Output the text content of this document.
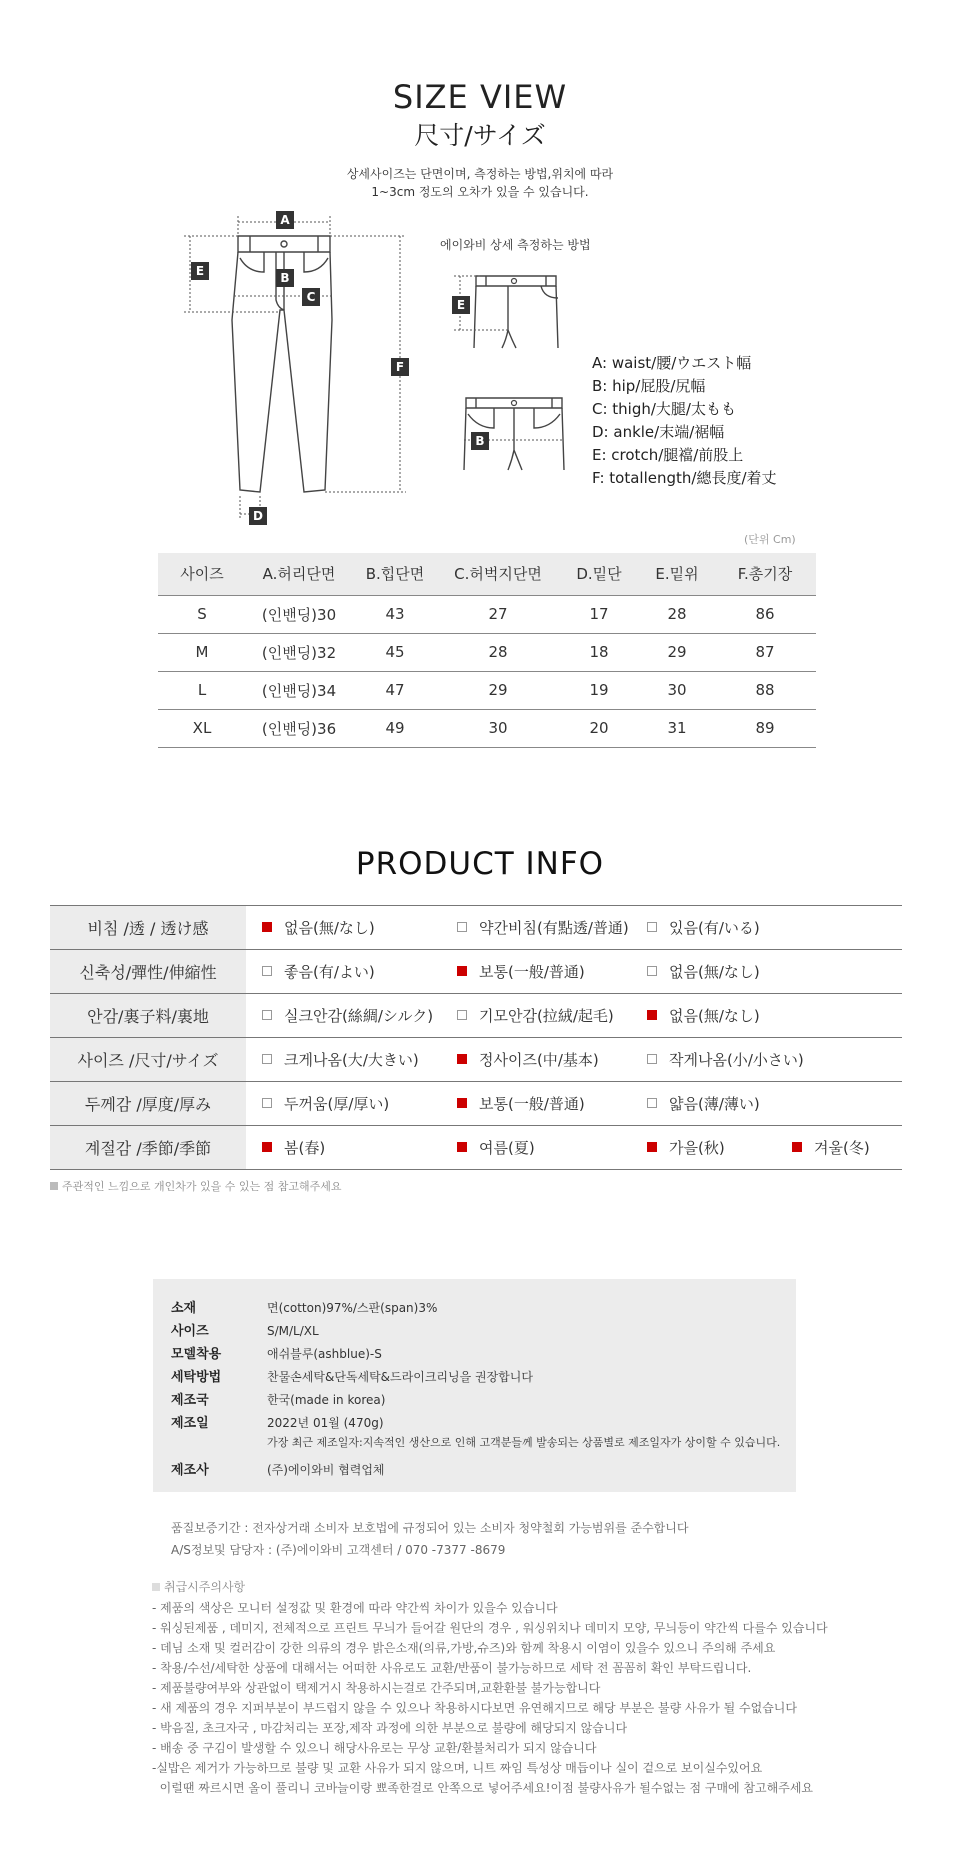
SIZE VIEW
尺寸/サイズ
상세사이즈는 단면이며, 측정하는 방법,위치에 따라
1~3cm 정도의 오차가 있을 수 있습니다.
A
B
C
D
E
F
에이와비 상세 측정하는 방법
E
B
A: waist/腰/ウエスト幅
B: hip/屁股/尻幅
C: thigh/大腿/太もも
D: ankle/末端/裾幅
E: crotch/腿襠/前股上
F: totallength/總長度/着丈
(단위 Cm)
사이즈	A.허리단면	B.힙단면	C.허벅지단면	D.밑단	E.밑위	F.총기장
S	(인밴딩)30	43	27	17	28	86
M	(인밴딩)32	45	28	18	29	87
L	(인밴딩)34	47	29	19	30	88
XL	(인밴딩)36	49	30	20	31	89
PRODUCT INFO
비침 /透 / 透け感	없음(無/なし)	약간비침(有點透/普通)	있음(有/いる)	
신축성/彈性/伸縮性	좋음(有/よい)	보통(一般/普通)	없음(無/なし)	
안감/裏子料/裏地	실크안감(絲綢/シルク)	기모안감(拉絨/起毛)	없음(無/なし)	
사이즈 /尺寸/サイズ	크게나옴(大/大きい)	정사이즈(中/基本)	작게나옴(小/小さい)	
두께감 /厚度/厚み	두꺼움(厚/厚い)	보통(一般/普通)	얇음(薄/薄い)	
계절감 /季節/季節	봄(春)	여름(夏)	가을(秋)	겨울(冬)
주관적인 느낌으로 개인차가 있을 수 있는 점 참고해주세요
소재	면(cotton)97%/스판(span)3%
사이즈	S/M/L/XL
모델착용	애쉬블루(ashblue)-S
세탁방법	찬물손세탁&단독세탁&드라이크리닝을 권장합니다
제조국	한국(made in korea)
제조일	2022년 01월 (470g)
가장 최근 제조일자:지속적인 생산으로 인해 고객분들께 발송되는 상품별로 제조일자가 상이할 수 있습니다.
제조사	(주)에이와비 협력업체
품질보증기간 : 전자상거래 소비자 보호법에 규정되어 있는 소비자 청약철회 가능범위를 준수합니다
A/S정보및 담당자 : (주)에이와비 고객센터 / 070 -7377 -8679
취급시주의사항
- 제품의 색상은 모니터 설정값 및 환경에 따라 약간씩 차이가 있을수 있습니다
- 워싱된제품 , 데미지, 전체적으로 프린트 무늬가 들어갈 원단의 경우 , 워싱위치나 데미지 모양, 무늬등이 약간씩 다를수 있습니다
- 데님 소재 및 컬러감이 강한 의류의 경우 밝은소재(의류,가방,슈즈)와 함께 착용시 이염이 있을수 있으니 주의해 주세요
- 착용/수선/세탁한 상품에 대해서는 어떠한 사유로도 교환/반품이 불가능하므로 세탁 전 꼼꼼히 확인 부탁드립니다.
- 제품불량여부와 상관없이 택제거시 착용하시는걸로 간주되며,교환환불 불가능합니다
- 새 제품의 경우 지퍼부분이 부드럽지 않을 수 있으나 착용하시다보면 유연해지므로 해당 부분은 불량 사유가 될 수없습니다
- 박음질, 초크자국 , 마감처리는 포장,제작 과정에 의한 부분으로 불량에 해당되지 않습니다
- 배송 중 구김이 발생할 수 있으니 해당사유로는 무상 교환/환불처리가 되지 않습니다
-실밥은 제거가 가능하므로 불량 및 교환 사유가 되지 않으며, 니트 짜임 특성상 매듭이나 실이 겉으로 보이실수있어요
이럴땐 짜르시면 올이 풀리니 코바늘이랑 뾰족한걸로 안쪽으로 넣어주세요!이점 불량사유가 될수없는 점 구매에 참고해주세요
